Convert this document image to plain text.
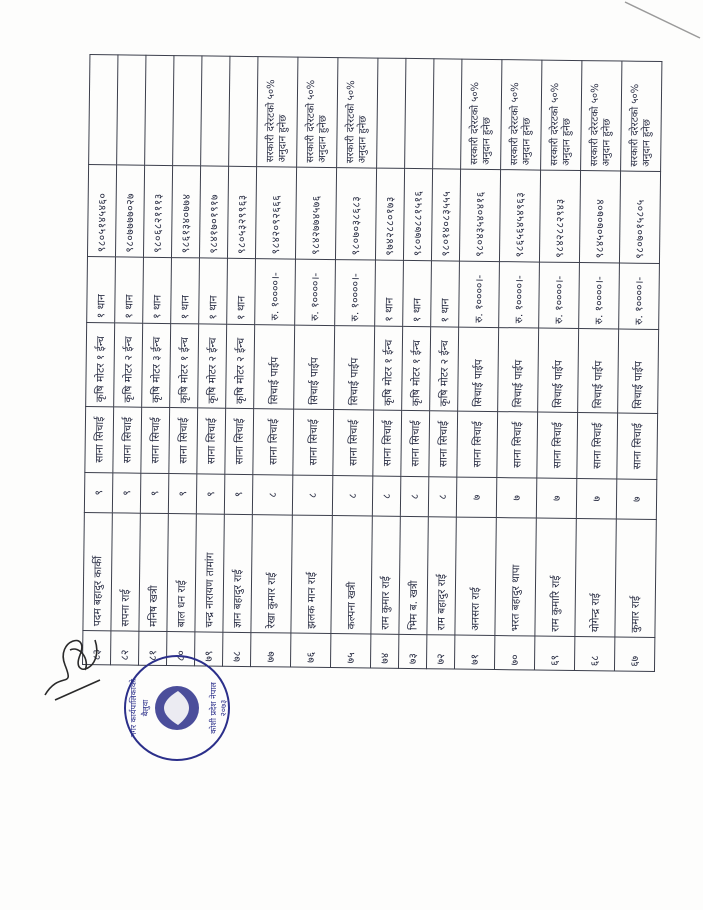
८३	पदम बहादुर कार्की	९	साना सिचाई	कृषि मोटर १ ईन्च	१ थान	९८०५१४५४६०	
८२	सपना राई	९	साना सिचाई	कृषि मोटर २ ईन्च	१ थान	९८०७७७७०२७	
८१	मनिष खत्री	९	साना सिचाई	कृषि मोटर ३ ईन्च	१ थान	९८०६८२१११३	
८०	बाल धन राई	९	साना सिचाई	कृषि मोटर १ ईन्च	१ थान	९८६१३४०७७४	
७९	चन्द्र नारायण तामांग	९	साना सिचाई	कृषि मोटर २ ईन्च	१ थान	९८४१७०१९१७	
७८	ज्ञान बहादुर राई	९	साना सिचाई	कृषि मोटर २ ईन्च	१ थान	९८०५३२९९६३	
७७	रेखा कुमार राई	८	साना सिचाई	सिचाई पाईप	रु. १००००।-	९८४२०९२६६६	सरकारी दरेरटको ५०% अनुदान हुनेछ
७६	झलक मान राई	८	साना सिचाई	सिचाई पाईप	रु. १००००।-	९८४२७७४५७६	सरकारी दरेरटको ५०% अनुदान हुनेछ
७५	कल्पना खत्री	८	साना सिचाई	सिचाई पाईप	रु. १००००।-	९८०७०३८६८३	सरकारी दरेरटको ५०% अनुदान हुनेछ
७४	राम कुमार राई	८	साना सिचाई	कृषि मोटर १ ईन्च	१ थान	९७४२८८०१७३	
७३	भिम ब. खत्री	८	साना सिचाई	कृषि मोटर १ ईन्च	१ थान	९८०७७८८१५१६	
७२	राम बहादुर राई	८	साना सिचाई	कृषि मोटर २ ईन्च	१ थान	९८०१४०८३५५५	
७१	अनसरा राई	७	साना सिचाई	सिचाई पाईप	रु. १००००।-	९८०४३५४०४१६	सरकारी दरेरटको ५०% अनुदान हुनेछ
७०	भरत बहादुर थापा	७	साना सिचाई	सिचाई पाईप	रु. १००००।-	९८६५६४५४९६३	सरकारी दरेरटको ५०% अनुदान हुनेछ
६९	राम कुमारि राई	७	साना सिचाई	सिचाई पाईप	रु. १००००।-	९८४२८८२९४३	सरकारी दरेरटको ५०% अनुदान हुनेछ
६८	योगेन्द्र राई	७	साना सिचाई	सिचाई पाईप	रु. १००००।-	९८४५०७०७०४	सरकारी दरेरटको ५०% अनुदान हुनेछ
६७	कुमार राई	७	साना सिचाई	सिचाई पाईप	रु. १००००।-	९८०७०१५८०५	सरकारी दरेरटको ५०% अनुदान हुनेछ
नगर कार्यपालिकाको बैलुवा	कोशी प्रदेश नेपाल २०७३
